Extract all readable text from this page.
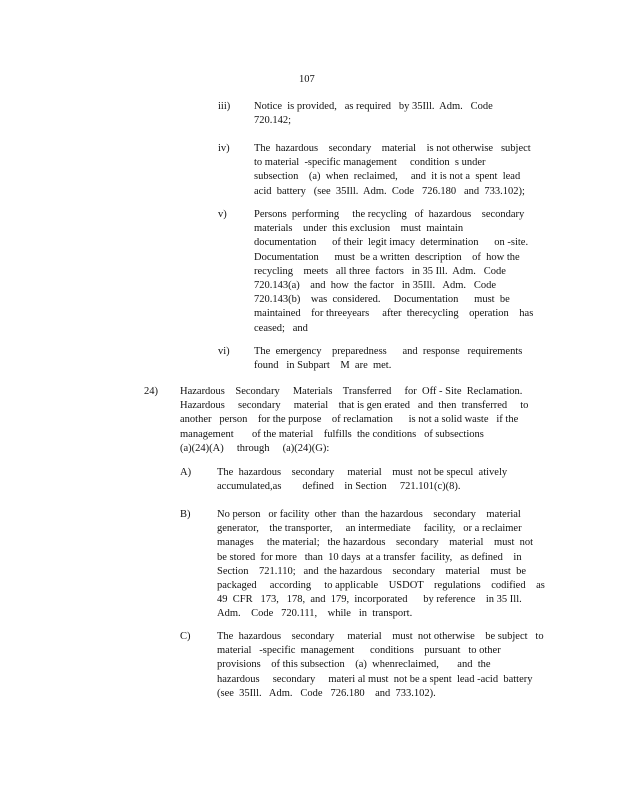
107
iii) Notice  is provided,   as required   by 35Ill.  Adm.   Code
720.142;
iv) The  hazardous    secondary    material    is not otherwise   subject
to material  -specific management     condition  s under
subsection    (a)  when  reclaimed,     and  it is not a  spent  lead
acid  battery   (see  35Ill.  Adm.  Code   726.180   and  733.102);
v)	Persons  performing     the recycling   of  hazardous    secondary
materials    under  this exclusion    must  maintain
documentation      of their  legit imacy  determination      on -site.
Documentation      must  be a written  description    of  how the
recycling    meets   all three  factors   in 35 Ill.  Adm.   Code
720.143(a)    and  how  the factor   in 35Ill.   Adm.   Code
720.143(b)    was  considered.     Documentation      must  be
maintained    for threeyears     after  therecycling    operation    has
ceased;   and
vi) The  emergency    preparedness      and  response   requirements
found   in Subpart    M  are  met.
24) Hazardous    Secondary     Materials    Transferred     for  Off - Site  Reclamation.
Hazardous     secondary     material    that is gen erated   and  then  transferred     to
another   person    for the purpose    of reclamation      is not a solid waste   if the
management       of the material    fulfills  the conditions   of subsections
(a)(24)(A)     through     (a)(24)(G):
A) The  hazardous    secondary     material    must  not be specul  atively
accumulated,as        defined    in Section     721.101(c)(8).
B)	No person   or facility  other  than  the hazardous    secondary    material
generator,    the transporter,     an intermediate     facility,   or a reclaimer
manages     the material;   the hazardous    secondary    material    must  not
be stored  for more   than  10 days  at a transfer  facility,   as defined    in
Section    721.110;   and  the hazardous    secondary    material    must  be
packaged     according     to applicable    USDOT    regulations    codified    as
49  CFR   173,   178,  and  179,  incorporated      by reference    in 35 Ill.
Adm.    Code   720.111,    while   in  transport.
C)	The  hazardous    secondary     material    must  not otherwise    be subject   to
material   -specific  management      conditions    pursuant   to other
provisions    of this subsection    (a)  whenreclaimed,       and  the
hazardous     secondary     materi al must  not be a spent  lead -acid  battery
(see  35Ill.   Adm.   Code   726.180    and  733.102).
